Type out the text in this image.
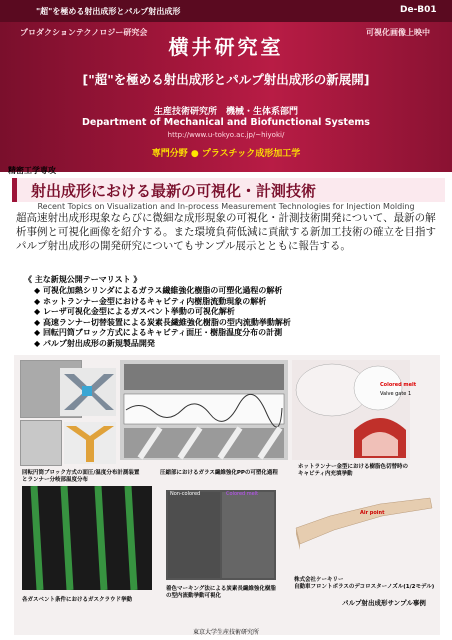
"超"を極める射出成形とパルプ射出成形	De-B01
プロダクションテクノロジー研究会	可視化画像上映中
横井研究室
["超"を極める射出成形とパルプ射出成形の新展開]
生産技術研究所　機械・生体系部門
Department of Mechanical and Biofunctional Systems
http://www.u-tokyo.ac.jp/~hiyoki/
専門分野 ● プラスチック成形加工学
精密工学専攻
射出成形における最新の可視化・計測技術
Recent Topics on Visualization and In-process Measurement Technologies for Injection Molding
超高速射出成形現象ならびに微細な成形現象の可視化・計測技術開発について、最新の解析事例と可視化画像を紹介する。また環境負荷低減に貢献する新加工技術の確立を目指すパルプ射出成形の開発研究についてもサンプル展示とともに報告する。
《 主な新規公開テーマリスト 》
◆ 可視化加熱シリンダによるガラス繊維強化樹脂の可塑化過程の解析
◆ ホットランナー金型におけるキャビティ内樹脂流動現象の解析
◆ レーザ可視化金型によるガスベント挙動の可視化解析
◆ 高速ランナー切替装置による炭素長繊維強化樹脂の型内流動挙動解析
◆ 回転円筒ブロック方式によるキャビティ面圧・樹脂温度分布の計測
◆ パルプ射出成形の新規製品開発
回転円筒ブロック方式の面圧/温度分布計測装置
とランナー分岐部温度分布
圧縮部におけるガラス繊維強化PPの可塑化過程
Colored melt
Valve gate 1
ホットランナー金型における樹脂色切替時の
キャビティ内充填挙動
各ガスベント条件におけるガスクラウド挙動
Non-colored	Colored melt
着色マーキング法による炭素長繊維強化樹脂
の型内流動挙動可視化
Air point
株式会社ケーキリー
自動車フロントボラスのデコロスターノズル(1/2モデル)
パルプ射出成形サンプル事例
東京大学生産技術研究所
